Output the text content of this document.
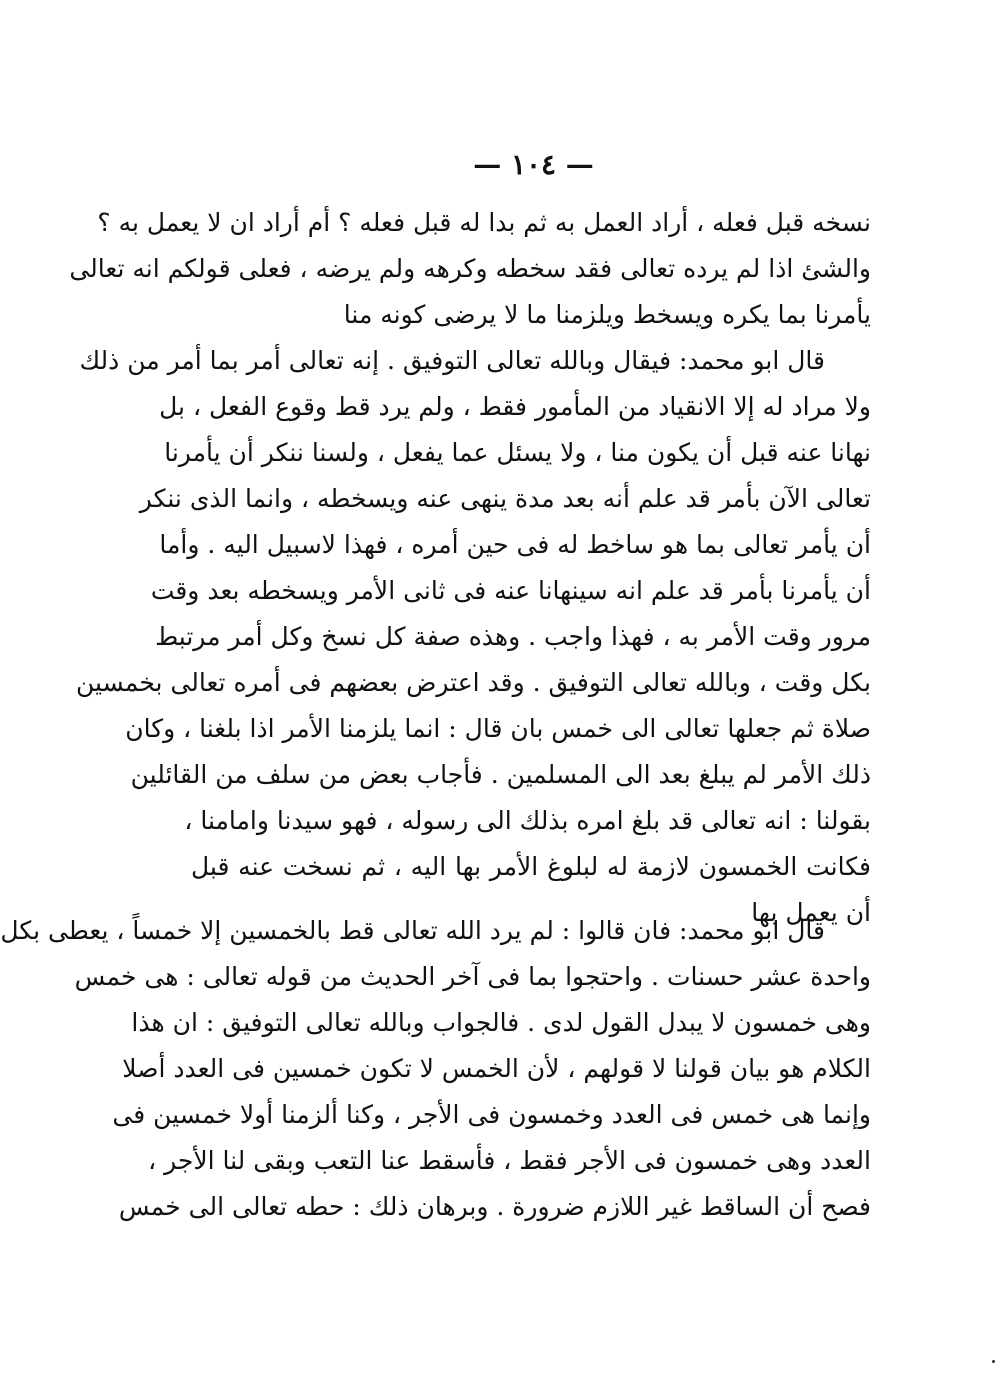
— ١٠٤ —
نسخه قبل فعله ، أراد العمل به ثم بدا له قبل فعله ؟ أم أراد ان لا يعمل به ؟
والشئ اذا لم يرده تعالى فقد سخطه وكرهه ولم يرضه ، فعلى قولكم انه تعالى
يأمرنا بما يكره ويسخط ويلزمنا ما لا يرضى كونه منا
قال ابو محمد: فيقال وبالله تعالى التوفيق . إنه تعالى أمر بما أمر من ذلك
ولا مراد له إلا الانقياد من المأمور فقط ، ولم يرد قط وقوع الفعل ، بل
نهانا عنه قبل أن يكون منا ، ولا يسئل عما يفعل ، ولسنا ننكر أن يأمرنا
تعالى الآن بأمر قد علم أنه بعد مدة ينهى عنه ويسخطه ، وانما الذى ننكر
أن يأمر تعالى بما هو ساخط له فى حين أمره ، فهذا لاسبيل اليه . وأما
أن يأمرنا بأمر قد علم انه سينهانا عنه فى ثانى الأمر ويسخطه بعد وقت
مرور وقت الأمر به ، فهذا واجب . وهذه صفة كل نسخ وكل أمر مرتبط
بكل وقت ، وبالله تعالى التوفيق . وقد اعترض بعضهم فى أمره تعالى بخمسين
صلاة ثم جعلها تعالى الى خمس بان قال : انما يلزمنا الأمر اذا بلغنا ، وكان
ذلك الأمر لم يبلغ بعد الى المسلمين . فأجاب بعض من سلف من القائلين
بقولنا : انه تعالى قد بلغ امره بذلك الى رسوله ، فهو سيدنا وامامنا ،
فكانت الخمسون لازمة له لبلوغ الأمر بها اليه ، ثم نسخت عنه قبل
أن يعمل بها
قال ابو محمد: فان قالوا : لم يرد الله تعالى قط بالخمسين إلا خمساً ، يعطى بكل
واحدة عشر حسنات . واحتجوا بما فى آخر الحديث من قوله تعالى : هى خمس
وهى خمسون لا يبدل القول لدى . فالجواب وبالله تعالى التوفيق : ان هذا
الكلام هو بيان قولنا لا قولهم ، لأن الخمس لا تكون خمسين فى العدد أصلا
وإنما هى خمس فى العدد وخمسون فى الأجر ، وكنا ألزمنا أولا خمسين فى
العدد وهى خمسون فى الأجر فقط ، فأسقط عنا التعب وبقى لنا الأجر ،
فصح أن الساقط غير اللازم ضرورة . وبرهان ذلك : حطه تعالى الى خمس
